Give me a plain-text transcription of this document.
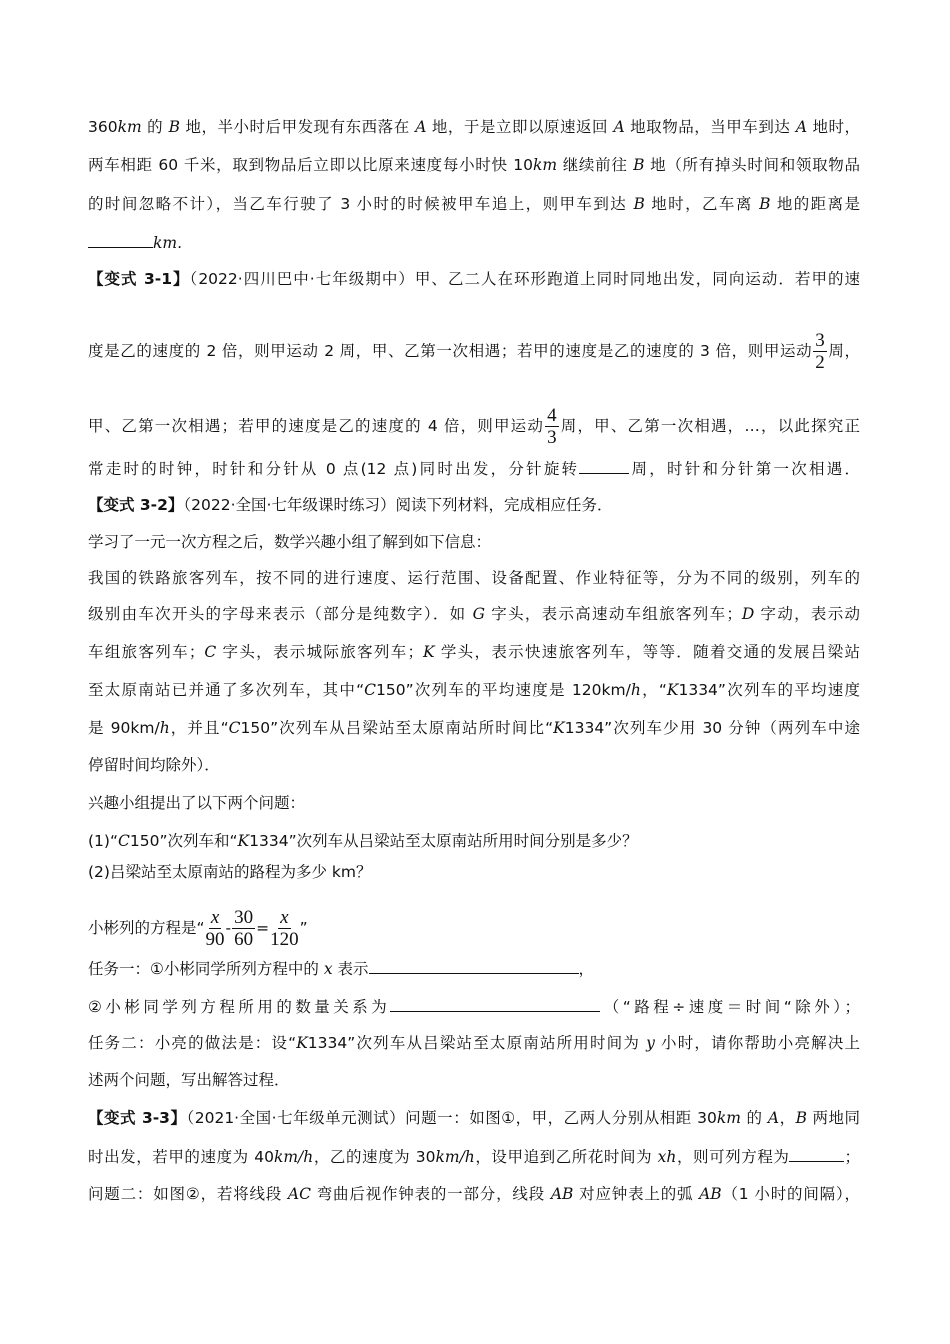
360km 的 B 地，半小时后甲发现有东西落在 A 地，于是立即以原速返回 A 地取物品，当甲车到达 A 地时，
两车相距 60 千米，取到物品后立即以比原来速度每小时快 10km 继续前往 B 地（所有掉头时间和领取物品
的时间忽略不计），当乙车行驶了 3 小时的时候被甲车追上，则甲车到达 B 地时，乙车离 B 地的距离是
km.
【变式 3-1】（2022·四川巴中·七年级期中）甲、乙二人在环形跑道上同时同地出发，同向运动．若甲的速
度是乙的速度的 2 倍，则甲运动 2 周，甲、乙第一次相遇；若甲的速度是乙的速度的 3 倍，则甲运动 $\frac{3}{2}$ 周，
甲、乙第一次相遇；若甲的速度是乙的速度的 4 倍，则甲运动 $\frac{4}{3}$ 周，甲、乙第一次相遇，…，以此探究正
常走时的时钟，时针和分针从 0 点(12 点)同时出发，分针旋转	周，时针和分针第一次相遇．
【变式 3-2】（2022·全国·七年级课时练习）阅读下列材料，完成相应任务．
学习了一元一次方程之后，数学兴趣小组了解到如下信息：
我国的铁路旅客列车，按不同的进行速度、运行范围、设备配置、作业特征等，分为不同的级别，列车的
级别由车次开头的字母来表示（部分是纯数字）．如 G 字头，表示高速动车组旅客列车；D 字动，表示动
车组旅客列车；C 字头，表示城际旅客列车；K 学头，表示快速旅客列车，等等．随着交通的发展吕梁站
至太原南站已并通了多次列车，其中“C150”次列车的平均速度是 120km/h，“K1334”次列车的平均速度
是 90km/h，并且“C150”次列车从吕梁站至太原南站所时间比“K1334”次列车少用 30 分钟（两列车中途
停留时间均除外）．
兴趣小组提出了以下两个问题：
(1)“C150”次列车和“K1334”次列车从吕梁站至太原南站所用时间分别是多少？
(2)吕梁站至太原南站的路程为多少 km？
小彬列的方程是“ $\frac{x}{90} - \frac{30}{60} = \frac{x}{120}$ ”
任务一：①小彬同学所列方程中的 x 表示	，
②小彬同学列方程所用的数量关系为	（“路程÷速度＝时间“除外）；
任务二：小亮的做法是：设“K1334”次列车从吕梁站至太原南站所用时间为 y 小时，请你帮助小亮解决上
述两个问题，写出解答过程．
【变式 3-3】（2021·全国·七年级单元测试）问题一：如图①，甲，乙两人分别从相距 30km 的 A，B 两地同
时出发，若甲的速度为 40km/h，乙的速度为 30km/h，设甲追到乙所花时间为 xh，则可列方程为	；
问题二：如图②，若将线段 AC 弯曲后视作钟表的一部分，线段 AB 对应钟表上的弧 AB（1 小时的间隔），
